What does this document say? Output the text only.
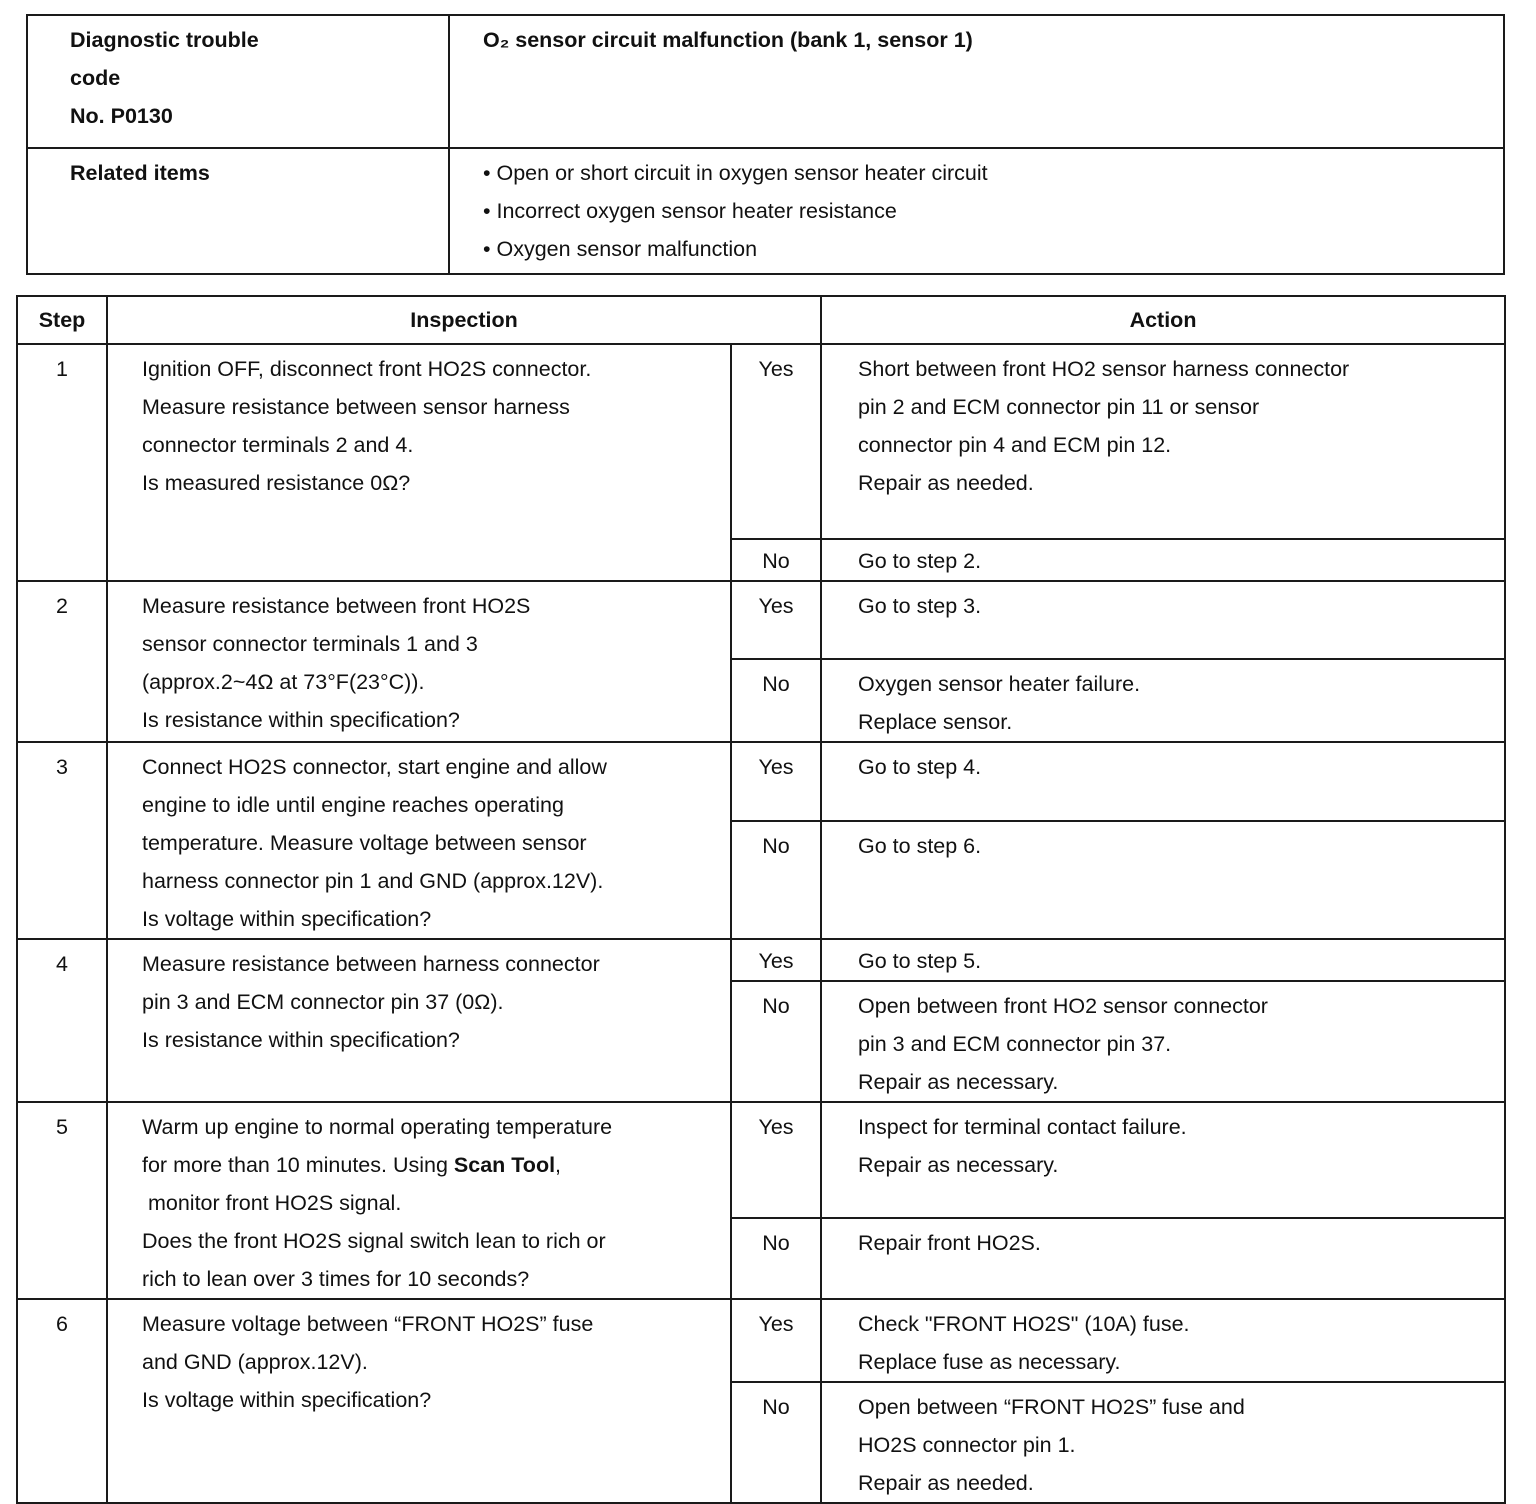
Diagnostic trouble
code
No. P0130	O₂ sensor circuit malfunction (bank 1, sensor 1)
Related items	• Open or short circuit in oxygen sensor heater circuit
• Incorrect oxygen sensor heater resistance
• Oxygen sensor malfunction
Step	Inspection		Action
1	Ignition OFF, disconnect front HO2S connector.
Measure resistance between sensor harness
connector terminals 2 and 4.
Is measured resistance 0Ω?	Yes	Short between front HO2 sensor harness connector
pin 2 and ECM connector pin 11 or sensor
connector pin 4 and ECM pin 12.
Repair as needed.

		No	Go to step 2.

2	Measure resistance between front HO2S
sensor connector terminals 1 and 3
(approx.2~4Ω at 73°F(23°C)).
Is resistance within specification?	Yes	Go to step 3.

		No	Oxygen sensor heater failure.
Replace sensor.

3	Connect HO2S connector, start engine and allow
engine to idle until engine reaches operating
temperature. Measure voltage between sensor
harness connector pin 1 and GND (approx.12V).
Is voltage within specification?	Yes	Go to step 4.

		No	Go to step 6.

4	Measure resistance between harness connector
pin 3 and ECM connector pin 37 (0Ω).
Is resistance within specification?	Yes	Go to step 5.

		No	Open between front HO2 sensor connector
pin 3 and ECM connector pin 37.
Repair as necessary.

5	Warm up engine to normal operating temperature
for more than 10 minutes. Using Scan Tool,
monitor front HO2S signal.
Does the front HO2S signal switch lean to rich or
rich to lean over 3 times for 10 seconds?	Yes	Inspect for terminal contact failure.
Repair as necessary.

		No	Repair front HO2S.

6	Measure voltage between “FRONT HO2S” fuse
and GND (approx.12V).
Is voltage within specification?	Yes	Check "FRONT HO2S" (10A) fuse.
Replace fuse as necessary.

		No	Open between “FRONT HO2S” fuse and
HO2S connector pin 1.
Repair as needed.
